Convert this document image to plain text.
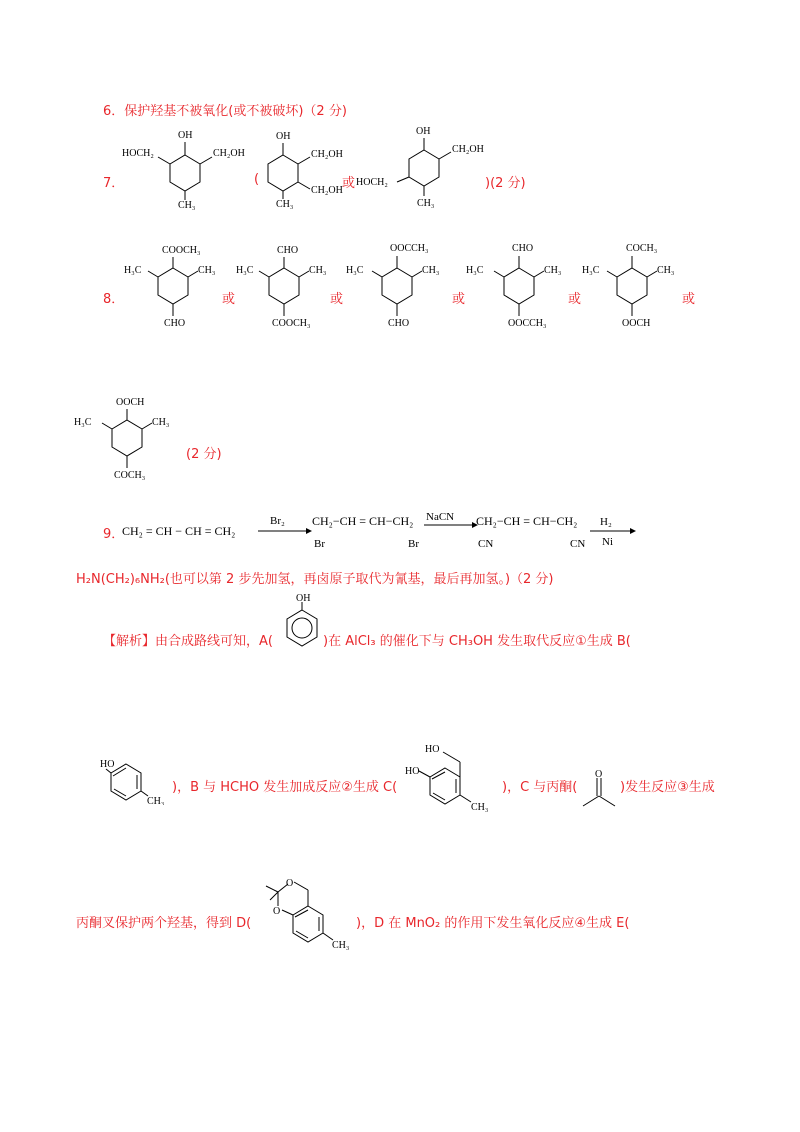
6．保护羟基不被氧化(或不被破坏)（2 分)
7．
OH
HOCH₂	CH₂OH
CH₃
(
OH
CH₂OH
CH₂OH
CH₃
或
OH
CH₂OH
HOCH₂
CH₃
)(2 分)
8．
COOCH₃
H₃C	CH₃
CHO
或
CHO
H₃C	CH₃
COOCH₃
或
OOCCH₃
H₃C	CH₃
CHO
或
CHO
H₃C	CH₃
OOCCH₃
或
COCH₃
H₃C	CH₃
OOCH
或
OOCH
H₃C	CH₃
COCH₃
(2 分)
9．
CH₂ = CH − CH = CH₂
Br₂ CH₂−CH = CH−CH₂
Br	Br
NaCN CH₂−CH = CH−CH₂
CN	CN
H₂
Ni
H₂N(CH₂)₆NH₂(也可以第 2 步先加氢，再卤原子取代为氰基，最后再加氢。)（2 分)
【解析】由合成路线可知，A(
OH
)在 AlCl₃ 的催化下与 CH₃OH 发生取代反应①生成 B(
HO
CH₃
)，B 与 HCHO 发生加成反应②生成 C(
HO
HO
CH₃
)，C 与丙酮(
O
)发生反应③生成
丙酮叉保护两个羟基，得到 D(
O
O
CH₃
)，D 在 MnO₂ 的作用下发生氧化反应④生成 E(
